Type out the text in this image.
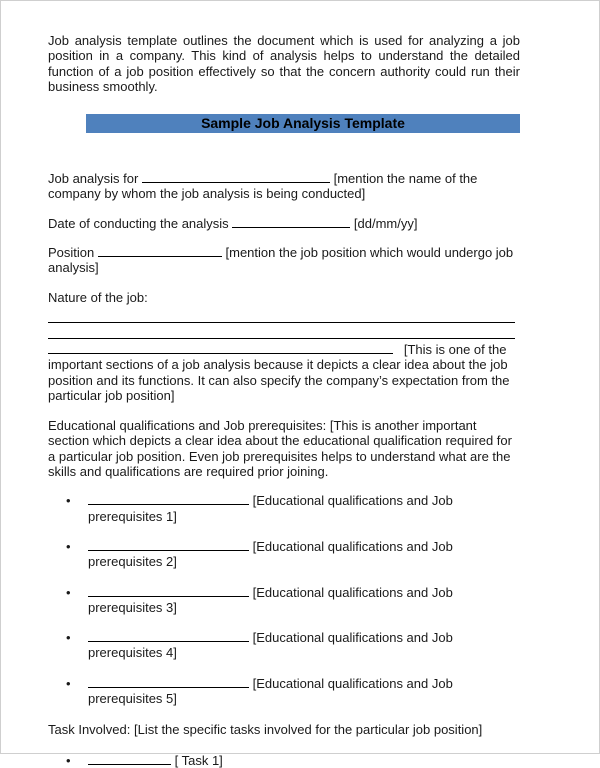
Job analysis template outlines the document which is used for analyzing a job position in a company. This kind of analysis helps to understand the detailed function of a job position effectively so that the concern authority could run their business smoothly.

Sample Job Analysis Template

Job analysis for	[mention the name of the company by whom the job analysis is being conducted]

Date of conducting the analysis	[dd/mm/yy]

Position	[mention the job position which would undergo job analysis]

Nature of the job:

[This is one of the important sections of a job analysis because it depicts a clear idea about the job position and its functions. It can also specify the company’s expectation from the particular job position]

Educational qualifications and Job prerequisites: [This is another important section which depicts a clear idea about the educational qualification required for a particular job position. Even job prerequisites helps to understand what are the skills and qualifications are required prior joining.

•	[Educational qualifications and Job prerequisites 1]
•	[Educational qualifications and Job prerequisites 2]
•	[Educational qualifications and Job prerequisites 3]
•	[Educational qualifications and Job prerequisites 4]
•	[Educational qualifications and Job prerequisites 5]

Task Involved: [List the specific tasks involved for the particular job position]

•	[ Task 1]
